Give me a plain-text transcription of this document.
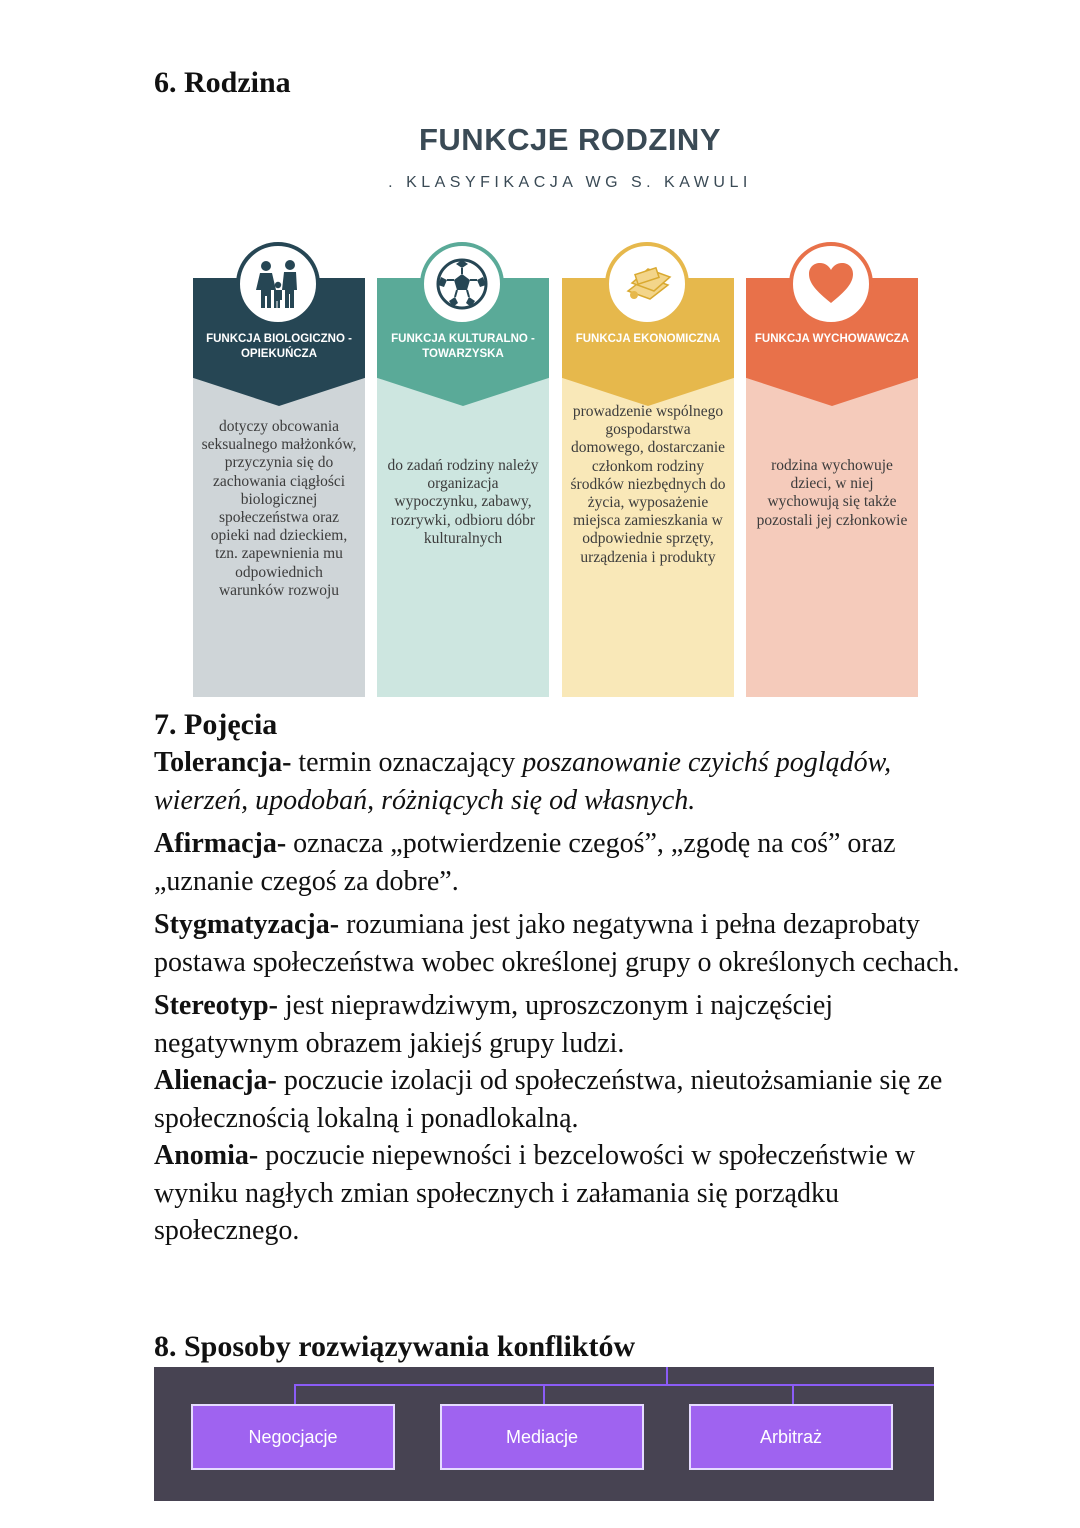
6. Rodzina
FUNKCJE RODZINY
. KLASYFIKACJA WG S. KAWULI
FUNKCJA BIOLOGICZNO - OPIEKUŃCZA
dotyczy obcowania seksualnego małżonków, przyczynia się do zachowania ciągłości biologicznej społeczeństwa oraz opieki nad dzieckiem, tzn. zapewnienia mu odpowiednich warunków rozwoju
FUNKCJA KULTURALNO - TOWARZYSKA
do zadań rodziny należy organizacja wypoczynku, zabawy, rozrywki, odbioru dóbr kulturalnych
FUNKCJA EKONOMICZNA
prowadzenie wspólnego gospodarstwa domowego, dostarczanie członkom rodziny środków niezbędnych do życia, wyposażenie miejsca zamieszkania w odpowiednie sprzęty, urządzenia i produkty
FUNKCJA WYCHOWAWCZA
rodzina wychowuje dzieci, w niej wychowują się także pozostali jej członkowie
7. Pojęcia

Tolerancja- termin oznaczający poszanowanie czyichś poglądów, wierzeń, upodobań, różniących się od własnych.

Afirmacja- oznacza „potwierdzenie czegoś”, „zgodę na coś” oraz „uznanie czegoś za dobre”.

Stygmatyzacja- rozumiana jest jako negatywna i pełna dezaprobaty postawa społeczeństwa wobec określonej grupy o określonych cechach.

Stereotyp- jest nieprawdziwym, uproszczonym i najczęściej negatywnym obrazem jakiejś grupy ludzi.

Alienacja- poczucie izolacji od społeczeństwa, nieutożsamianie się ze społecznością lokalną i ponadlokalną.

Anomia- poczucie niepewności i bezcelowości w społeczeństwie w wyniku nagłych zmian społecznych i załamania się porządku społecznego.

8. Sposoby rozwiązywania konfliktów
Negocjacje	Mediacje	Arbitraż
